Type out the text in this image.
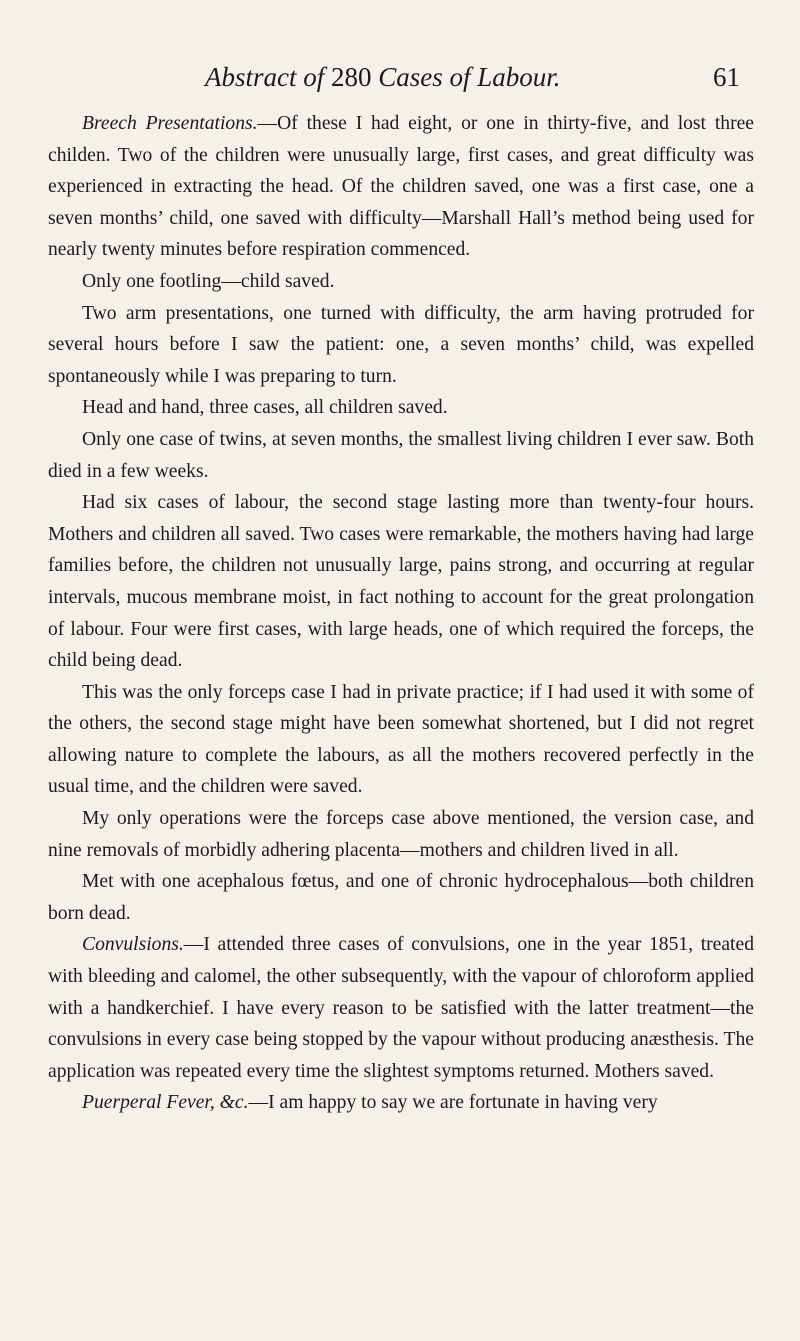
Abstract of 280 Cases of Labour.	61

Breech Presentations.—Of these I had eight, or one in thirty-five, and lost three childen. Two of the children were unusually large, first cases, and great difficulty was experienced in extracting the head. Of the children saved, one was a first case, one a seven months’ child, one saved with difficulty—Marshall Hall’s method being used for nearly twenty minutes before respiration commenced.

Only one footling—child saved.

Two arm presentations, one turned with difficulty, the arm having protruded for several hours before I saw the patient: one, a seven months’ child, was expelled spontaneously while I was preparing to turn.

Head and hand, three cases, all children saved.

Only one case of twins, at seven months, the smallest living children I ever saw. Both died in a few weeks.

Had six cases of labour, the second stage lasting more than twenty-four hours. Mothers and children all saved. Two cases were remarkable, the mothers having had large families before, the children not unusually large, pains strong, and occurring at regular intervals, mucous membrane moist, in fact nothing to account for the great prolongation of labour. Four were first cases, with large heads, one of which required the forceps, the child being dead.

This was the only forceps case I had in private practice; if I had used it with some of the others, the second stage might have been somewhat shortened, but I did not regret allowing nature to complete the labours, as all the mothers recovered perfectly in the usual time, and the children were saved.

My only operations were the forceps case above mentioned, the version case, and nine removals of morbidly adhering placenta—mothers and children lived in all.

Met with one acephalous fœtus, and one of chronic hydrocephalous—both children born dead.

Convulsions.—I attended three cases of convulsions, one in the year 1851, treated with bleeding and calomel, the other subsequently, with the vapour of chloroform applied with a handkerchief. I have every reason to be satisfied with the latter treatment—the convulsions in every case being stopped by the vapour without producing anæsthesis. The application was repeated every time the slightest symptoms returned. Mothers saved.

Puerperal Fever, &c.—I am happy to say we are fortunate in having very
